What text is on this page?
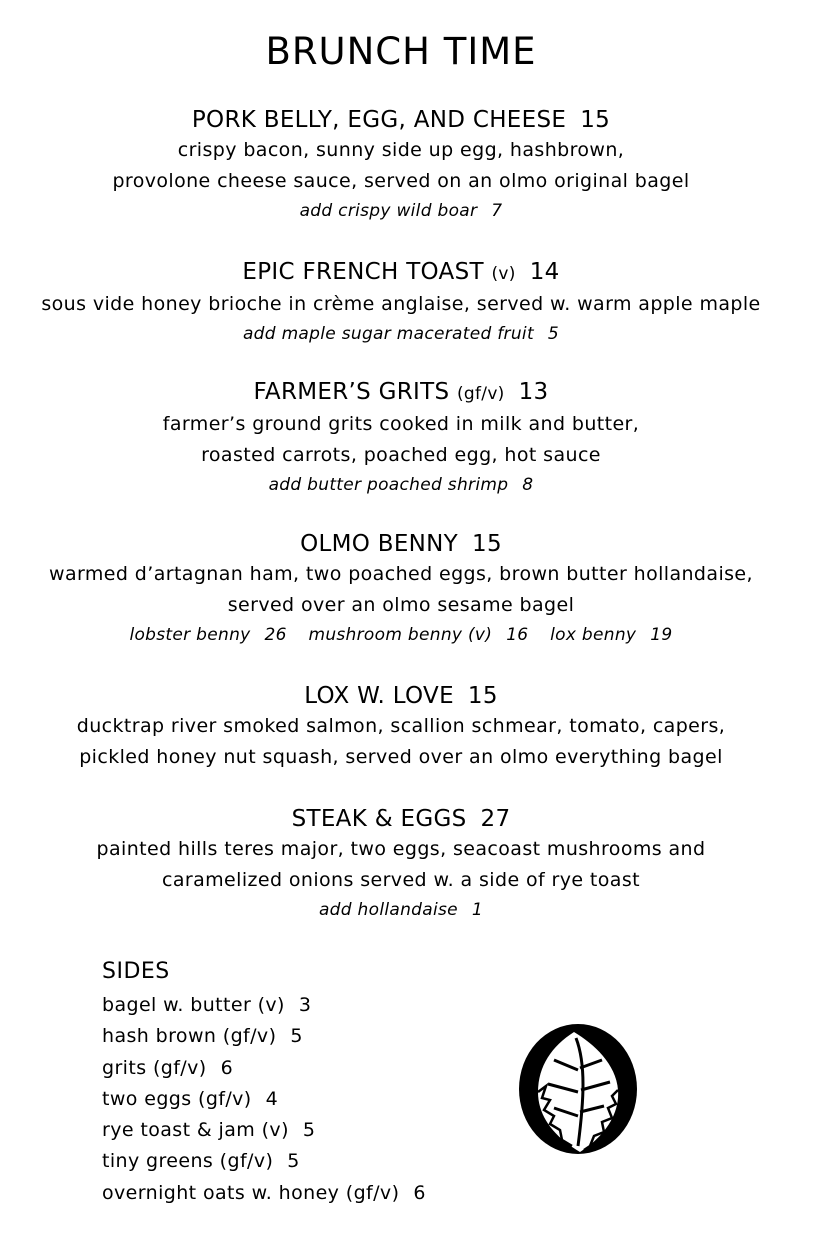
BRUNCH TIME
PORK BELLY, EGG, AND CHEESE 15
crispy bacon, sunny side up egg, hashbrown,
provolone cheese sauce, served on an olmo original bagel
add crispy wild boar 7
EPIC FRENCH TOAST (v) 14
sous vide honey brioche in crème anglaise, served w. warm apple maple
add maple sugar macerated fruit 5
FARMER’S GRITS (gf/v) 13
farmer’s ground grits cooked in milk and butter,
roasted carrots, poached egg, hot sauce
add butter poached shrimp 8
OLMO BENNY 15
warmed d’artagnan ham, two poached eggs, brown butter hollandaise,
served over an olmo sesame bagel
lobster benny 26 mushroom benny (v) 16 lox benny 19
LOX W. LOVE 15
ducktrap river smoked salmon, scallion schmear, tomato, capers,
pickled honey nut squash, served over an olmo everything bagel
STEAK & EGGS 27
painted hills teres major, two eggs, seacoast mushrooms and
caramelized onions served w. a side of rye toast
add hollandaise 1
SIDES
bagel w. butter (v) 3
hash brown (gf/v) 5
grits (gf/v) 6
two eggs (gf/v) 4
rye toast & jam (v) 5
tiny greens (gf/v) 5
overnight oats w. honey (gf/v) 6
